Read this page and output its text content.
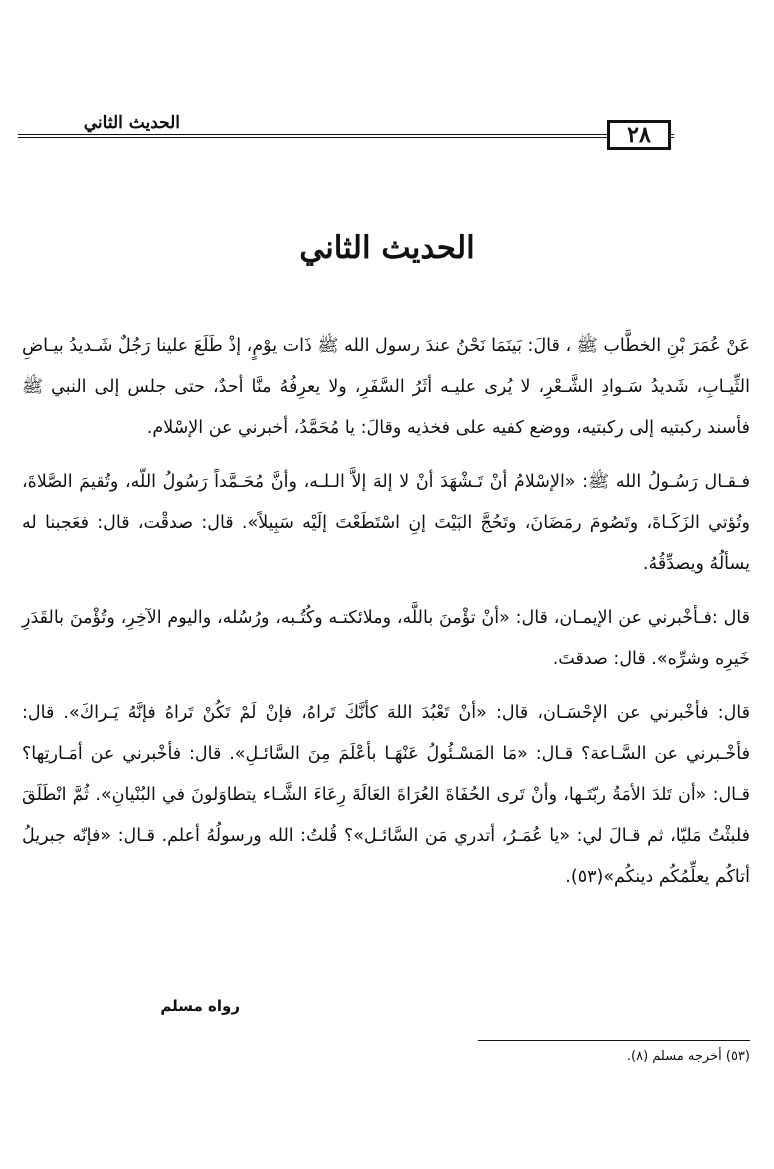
الحديث الثاني	٢٨
الحديث الثاني

عَنْ عُمَرَ بْنِ الخطَّاب ﷺ ، قالَ: بَينَمَا نَحْنُ عندَ رسول الله ﷺ ذَات يوْمٍ، إذْ طَلَعَ علينا رَجُلٌ شَـديدُ بيـاضِ الثِّيـابِ، شَديدُ سَـوادِ الشَّـعْرِ، لا يُرى عليـه أثَرُ السَّفَرِ، ولا يعرِفُهُ منَّا أحدٌ، حتى جلس إلى النبي ﷺ فأسند ركبتيه إلى ركبتيه، ووضع كفيه على فخذيه وقالَ: يا مُحَمَّدُ، أخبرني عن الإسْلام.

فـقـال رَسُـولُ الله ﷺ: «الإسْلامُ أنْ تَـشْهَدَ أنْ لا إلهَ إلاَّ الـلـه، وأنَّ مُحَـمَّداً رَسُولُ اللّه، وتُقيمَ الصَّلاةَ، وتُؤتي الزَكَـاةَ، وتَصُومَ رمَضَانَ، وتَحُجَّ البَيْتَ إنِ اسْتَطَعْتَ إلَيْه سَبِيلاً». قال: صدقْت، قال: فعَجبنا له يسألُهُ ويصدِّقُهُ.

قال :فـأخْبرني عن الإيمـان، قال: «أنْ تؤْمنَ باللَّه، وملائكتـه وكُتُـبه، ورُسُله، واليوم الآخِرِ، وتُؤْمنَ بالقَدَرِ خَيرِه وشرِّه». قال: صدقتَ.

قال: فأخْبرني عن الإحْسَـان، قال: «أنْ تَعْبُدَ اللهَ كأنَّكَ تَراهُ، فإنْ لَمْ تَكُنْ تَراهُ فإنَّهُ يَـراكَ». قال: فأخْـبرني عن السَّـاعة؟ قـال: «مَا المَسْـئُولُ عَنْهَـا بأعْلَمَ مِنَ السَّائـلِ». قال: فأخْبرني عن أمَـارتِها؟ قـال: «أن تَلدَ الأمَةُ ربّتَـها، وأنْ تَرى الحُفَاةَ العُرَاةَ العَالَةَ رِعَاءَ الشَّـاء يتطاوَلونَ في البُنْيانِ». ثُمَّ انْطَلَقَ فلبثْتُ مَليّا، ثم قـالَ لي: «يا عُمَـرُ، أتدري مَن السَّائـل»؟ قُلتُ: الله ورسولُهُ أعلم. قـال: «فإنّه جبريلُ أتاكُم يعلِّمُكُم دينكُم»(٥٣).

رواه مسلم
(٥٣) أخرجه مسلم (٨).
